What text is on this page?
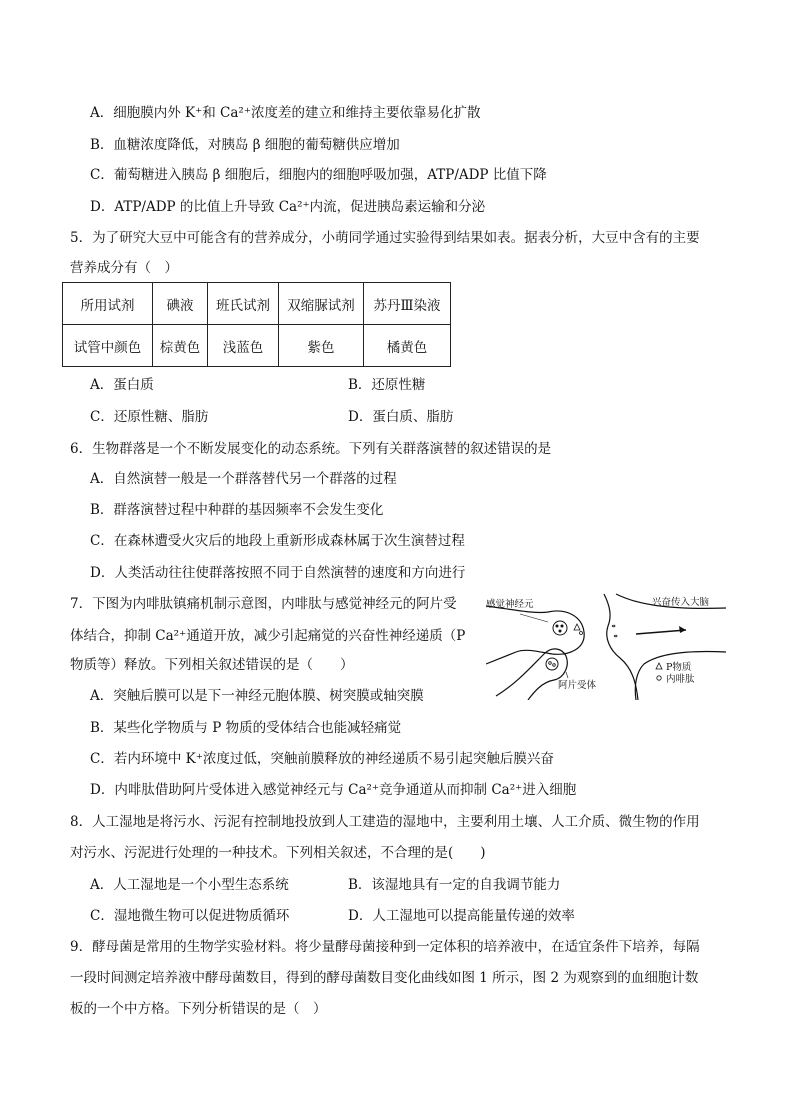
A．细胞膜内外 K⁺和 Ca²⁺浓度差的建立和维持主要依靠易化扩散
B．血糖浓度降低，对胰岛 β 细胞的葡萄糖供应增加
C．葡萄糖进入胰岛 β 细胞后，细胞内的细胞呼吸加强，ATP/ADP 比值下降
D．ATP/ADP 的比值上升导致 Ca²⁺内流，促进胰岛素运输和分泌
5．为了研究大豆中可能含有的营养成分，小萌同学通过实验得到结果如表。据表分析，大豆中含有的主要
营养成分有（　）
所用试剂	碘液	班氏试剂	双缩脲试剂	苏丹Ⅲ染液
试管中颜色	棕黄色	浅蓝色	紫色	橘黄色
A．蛋白质	B．还原性糖
C．还原性糖、脂肪	D．蛋白质、脂肪
6．生物群落是一个不断发展变化的动态系统。下列有关群落演替的叙述错误的是
A．自然演替一般是一个群落替代另一个群落的过程
B．群落演替过程中种群的基因频率不会发生变化
C．在森林遭受火灾后的地段上重新形成森林属于次生演替过程
D．人类活动往往使群落按照不同于自然演替的速度和方向进行
7．下图为内啡肽镇痛机制示意图，内啡肽与感觉神经元的阿片受
体结合，抑制 Ca²⁺通道开放，减少引起痛觉的兴奋性神经递质（P
物质等）释放。下列相关叙述错误的是（　　）
感觉神经元	兴奋传入大脑
阿片受体
P物质
内啡肽
A．突触后膜可以是下一神经元胞体膜、树突膜或轴突膜
B．某些化学物质与 P 物质的受体结合也能减轻痛觉
C．若内环境中 K⁺浓度过低，突触前膜释放的神经递质不易引起突触后膜兴奋
D．内啡肽借助阿片受体进入感觉神经元与 Ca²⁺竞争通道从而抑制 Ca²⁺进入细胞
8．人工湿地是将污水、污泥有控制地投放到人工建造的湿地中，主要利用土壤、人工介质、微生物的作用
对污水、污泥进行处理的一种技术。下列相关叙述，不合理的是(　　)
A．人工湿地是一个小型生态系统	B．该湿地具有一定的自我调节能力
C．湿地微生物可以促进物质循环	D．人工湿地可以提高能量传递的效率
9．酵母菌是常用的生物学实验材料。将少量酵母菌接种到一定体积的培养液中，在适宜条件下培养，每隔
一段时间测定培养液中酵母菌数目，得到的酵母菌数目变化曲线如图 1 所示，图 2 为观察到的血细胞计数
板的一个中方格。下列分析错误的是（　）
